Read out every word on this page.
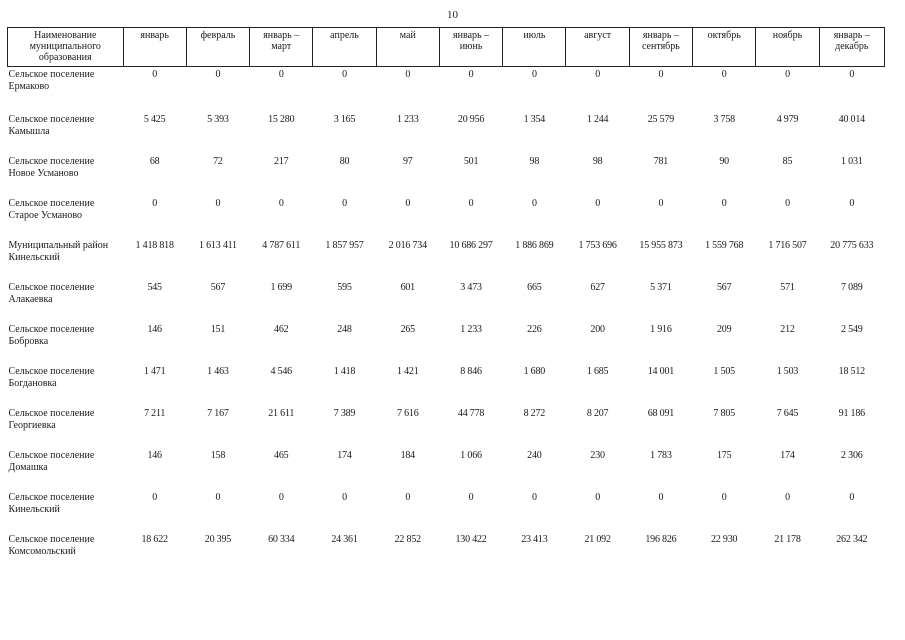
10
Наименование муниципального образования	январь	февраль	январь – март	апрель	май	январь – июнь	июль	август	январь – сентябрь	октябрь	ноябрь	январь – декабрь
Сельское поселение Ермаково	0	0	0	0	0	0	0	0	0	0	0	0
Сельское поселение Камышла	5 425	5 393	15 280	3 165	1 233	20 956	1 354	1 244	25 579	3 758	4 979	40 014
Сельское поселение Новое Усманово	68	72	217	80	97	501	98	98	781	90	85	1 031
Сельское поселение Старое Усманово	0	0	0	0	0	0	0	0	0	0	0	0
Муниципальный район Кинельский	1 418 818	1 613 411	4 787 611	1 857 957	2 016 734	10 686 297	1 886 869	1 753 696	15 955 873	1 559 768	1 716 507	20 775 633
Сельское поселение Алакаевка	545	567	1 699	595	601	3 473	665	627	5 371	567	571	7 089
Сельское поселение Бобровка	146	151	462	248	265	1 233	226	200	1 916	209	212	2 549
Сельское поселение Богдановка	1 471	1 463	4 546	1 418	1 421	8 846	1 680	1 685	14 001	1 505	1 503	18 512
Сельское поселение Георгиевка	7 211	7 167	21 611	7 389	7 616	44 778	8 272	8 207	68 091	7 805	7 645	91 186
Сельское поселение Домашка	146	158	465	174	184	1 066	240	230	1 783	175	174	2 306
Сельское поселение Кинельский	0	0	0	0	0	0	0	0	0	0	0	0
Сельское поселение Комсомольский	18 622	20 395	60 334	24 361	22 852	130 422	23 413	21 092	196 826	22 930	21 178	262 342
